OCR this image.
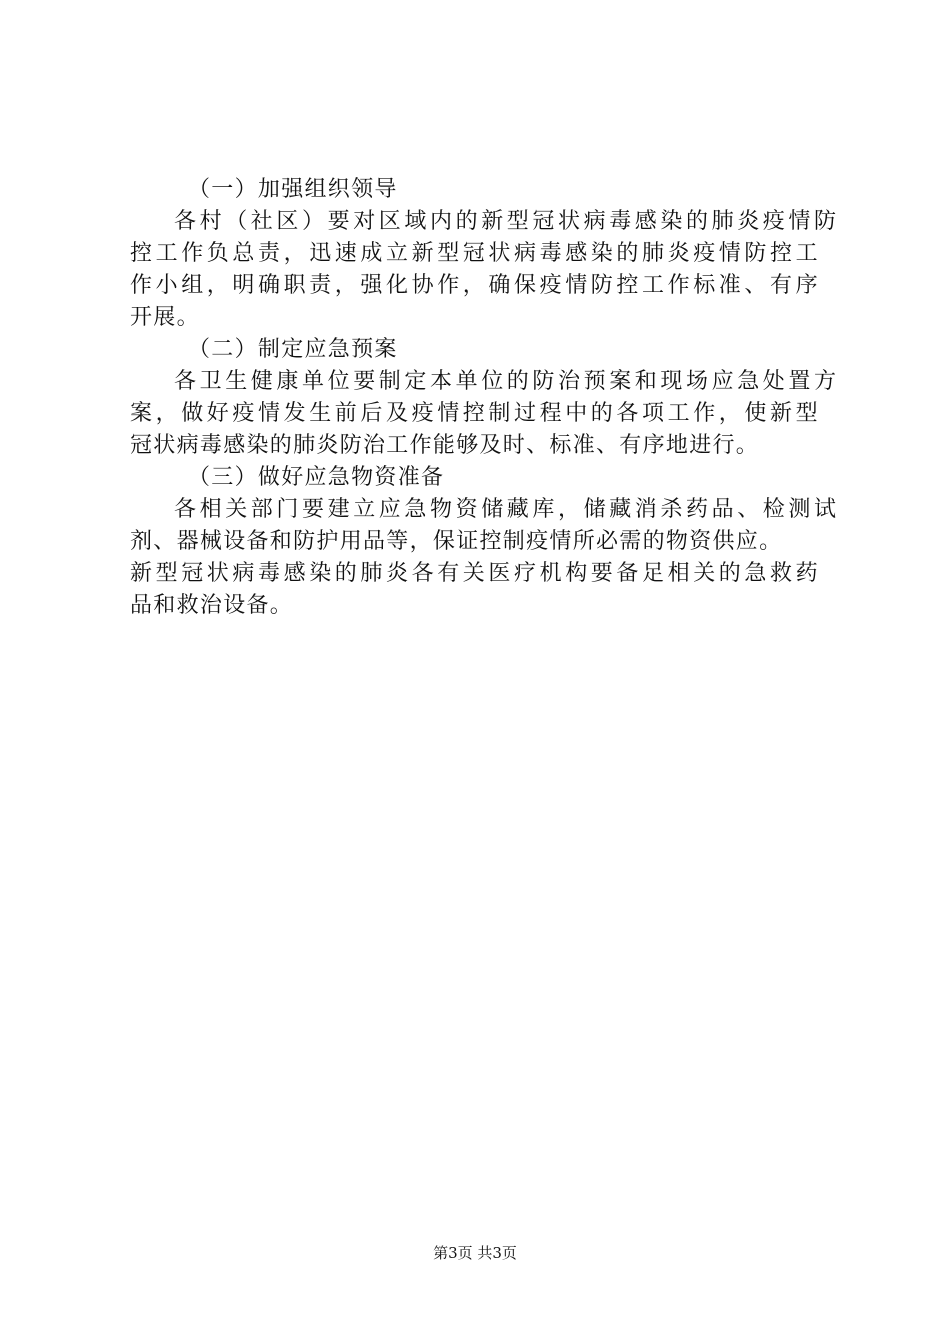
（一）加强组织领导
各村（社区）要对区域内的新型冠状病毒感染的肺炎疫情防
控工作负总责，迅速成立新型冠状病毒感染的肺炎疫情防控工
作小组，明确职责，强化协作，确保疫情防控工作标准、有序
开展。
（二）制定应急预案
各卫生健康单位要制定本单位的防治预案和现场应急处置方
案，做好疫情发生前后及疫情控制过程中的各项工作，使新型
冠状病毒感染的肺炎防治工作能够及时、标准、有序地进行。
（三）做好应急物资准备
各相关部门要建立应急物资储藏库，储藏消杀药品、检测试
剂、器械设备和防护用品等，保证控制疫情所必需的物资供应。
新型冠状病毒感染的肺炎各有关医疗机构要备足相关的急救药
品和救治设备。
第3页 共3页
